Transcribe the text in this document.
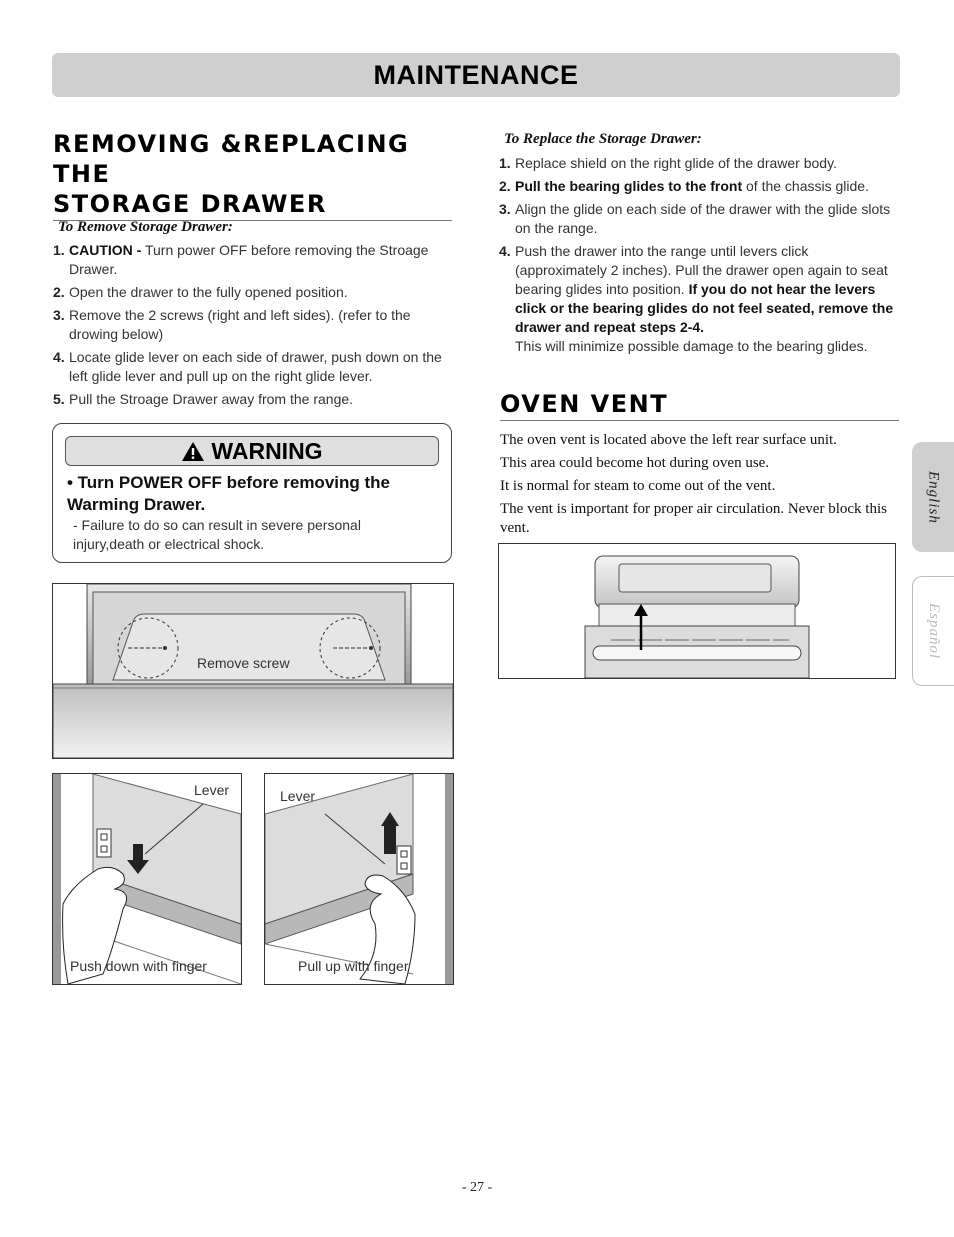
MAINTENANCE
REMOVING &REPLACING THE
STORAGE DRAWER
To Remove Storage Drawer:
1. CAUTION - Turn power OFF before removing the Stroage Drawer.
2. Open the drawer to the fully opened position.
3. Remove the 2 screws (right and left sides). (refer to the drowing below)
4. Locate glide lever on each side of drawer, push down on the left glide lever and pull up on the right glide lever.
5. Pull the Stroage Drawer away from the range.
WARNING
• Turn POWER OFF before removing the Warming Drawer.
- Failure to do so can result in severe personal injury,death or electrical shock.
Remove screw
Lever
Push down with finger
Lever
Pull up with finger
To Replace the Storage Drawer:
1. Replace shield on the right glide of the drawer body.
2. Pull the bearing glides to the front of the chassis glide.
3. Align the glide on each side of the drawer with the glide slots on the range.
4. Push the drawer into the range until levers click (approximately 2 inches). Pull the drawer open again to seat bearing glides into position. If you do not hear the levers click or the bearing glides do not feel seated, remove the drawer and repeat steps 2-4.
This will minimize possible damage to the bearing glides.
OVEN VENT

The oven vent is located above the left rear surface unit.

This area could become hot during oven use.

It is normal for steam to come out of the vent.

The vent is important for proper air circulation. Never block this vent.

English
Español
- 27 -
